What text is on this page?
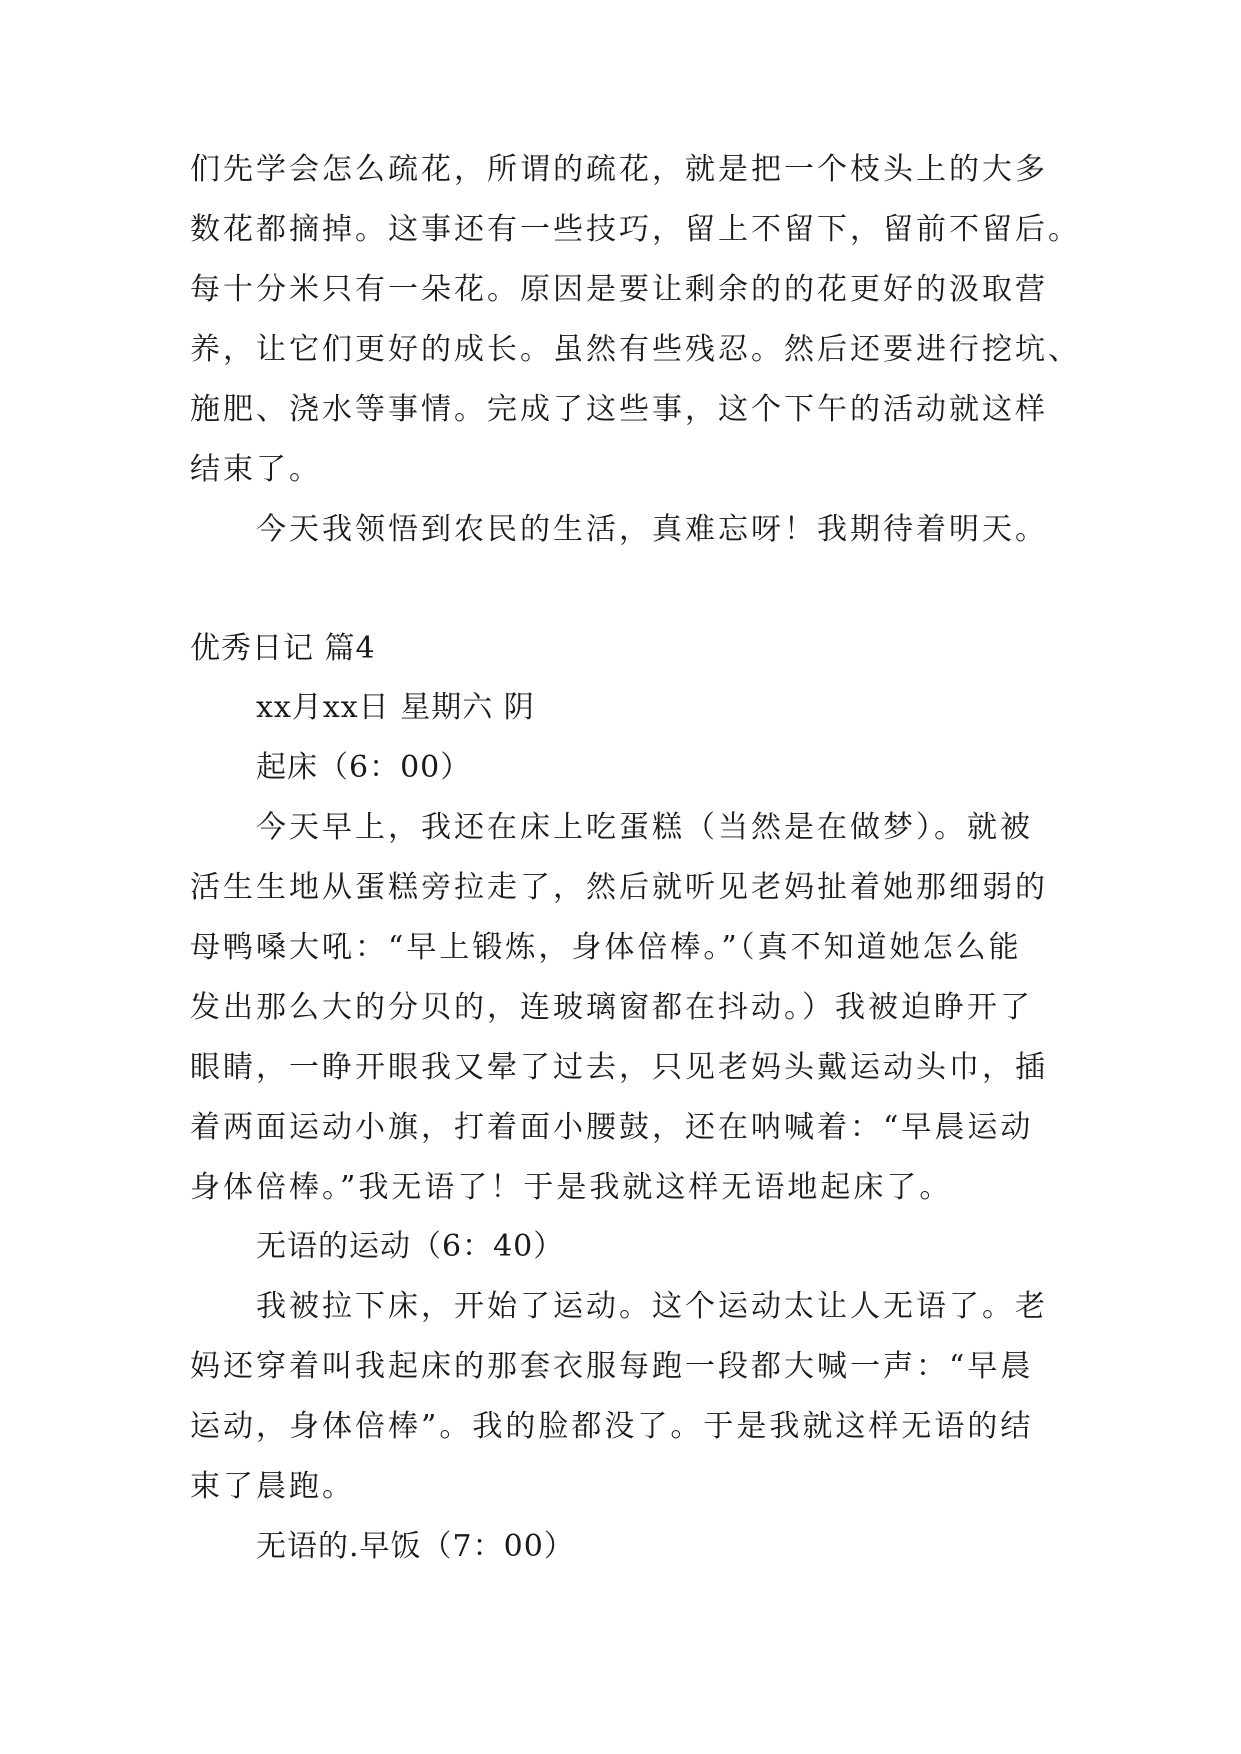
们先学会怎么疏花，所谓的疏花，就是把一个枝头上的大多
数花都摘掉。这事还有一些技巧，留上不留下，留前不留后。
每十分米只有一朵花。原因是要让剩余的的花更好的汲取营
养，让它们更好的成长。虽然有些残忍。然后还要进行挖坑、
施肥、浇水等事情。完成了这些事，这个下午的活动就这样
结束了。
今天我领悟到农民的生活，真难忘呀！我期待着明天。
优秀日记 篇4
xx月xx日 星期六 阴
起床（6：00）
今天早上，我还在床上吃蛋糕（当然是在做梦）。就被
活生生地从蛋糕旁拉走了，然后就听见老妈扯着她那细弱的
母鸭嗓大吼：“早上锻炼，身体倍棒。”（真不知道她怎么能
发出那么大的分贝的，连玻璃窗都在抖动。）我被迫睁开了
眼睛，一睁开眼我又晕了过去，只见老妈头戴运动头巾，插
着两面运动小旗，打着面小腰鼓，还在呐喊着：“早晨运动
身体倍棒。”我无语了！于是我就这样无语地起床了。
无语的运动（6：40）
我被拉下床，开始了运动。这个运动太让人无语了。老
妈还穿着叫我起床的那套衣服每跑一段都大喊一声：“早晨
运动，身体倍棒”。我的脸都没了。于是我就这样无语的结
束了晨跑。
无语的.早饭（7：00）
